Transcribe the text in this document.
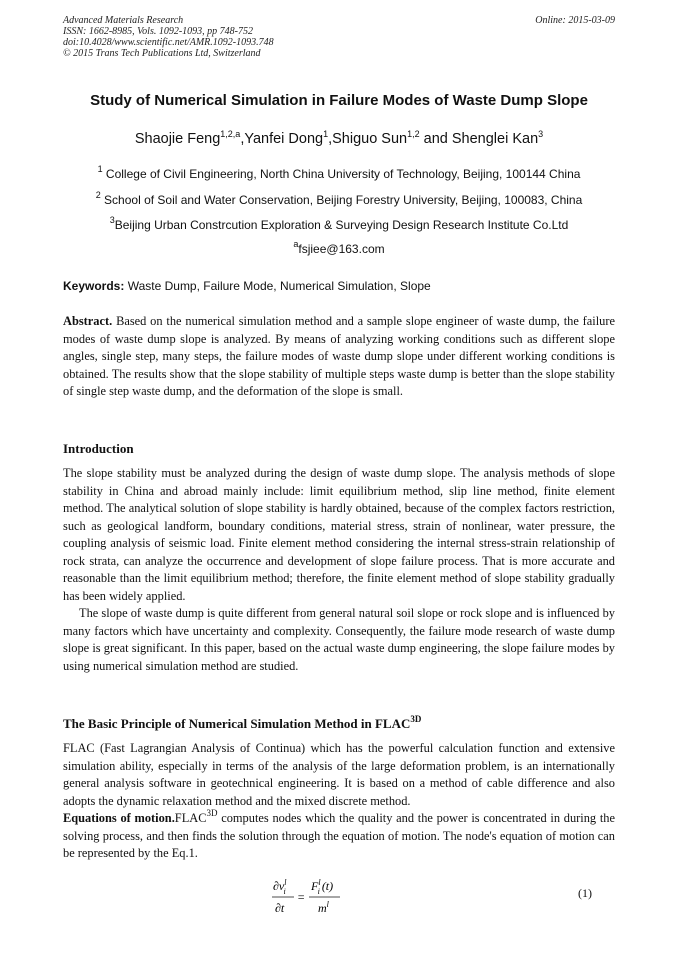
Advanced Materials Research
ISSN: 1662-8985, Vols. 1092-1093, pp 748-752
doi:10.4028/www.scientific.net/AMR.1092-1093.748
© 2015 Trans Tech Publications Ltd, Switzerland
Online: 2015-03-09
Study of Numerical Simulation in Failure Modes of Waste Dump Slope
Shaojie Feng$^{1,2,a}$,Yanfei Dong$^1$,Shiguo Sun$^{1,2}$ and Shenglei Kan$^3$
$^1$ College of Civil Engineering, North China University of Technology, Beijing, 100144 China
$^2$ School of Soil and Water Conservation, Beijing Forestry University, Beijing, 100083, China
$^3$Beijing Urban Constrcution Exploration & Surveying Design Research Institute Co.Ltd
$^a$fsjiee@163.com
Keywords: Waste Dump, Failure Mode, Numerical Simulation, Slope

Abstract. Based on the numerical simulation method and a sample slope engineer of waste dump, the failure modes of waste dump slope is analyzed. By means of analyzing working conditions such as different slope angles, single step, many steps, the failure modes of waste dump slope under different working conditions is obtained. The results show that the slope stability of multiple steps waste dump is better than the slope stability of single step waste dump, and the deformation of the slope is small.

Introduction

The slope stability must be analyzed during the design of waste dump slope. The analysis methods of slope stability in China and abroad mainly include: limit equilibrium method, slip line method, finite element method. The analytical solution of slope stability is hardly obtained, because of the complex factors restriction, such as geological landform, boundary conditions, material stress, strain of nonlinear, water pressure, the coupling analysis of seismic load. Finite element method considering the internal stress-strain relationship of rock strata, can analyze the occurrence and development of slope failure process. That is more accurate and reasonable than the limit equilibrium method; therefore, the finite element method of slope stability gradually has been widely applied.

The slope of waste dump is quite different from general natural soil slope or rock slope and is influenced by many factors which have uncertainty and complexity. Consequently, the failure mode research of waste dump slope is great significant. In this paper, based on the actual waste dump engineering, the slope failure modes by using numerical simulation method are studied.

The Basic Principle of Numerical Simulation Method in $FLAC^{3D}$

FLAC (Fast Lagrangian Analysis of Continua) which has the powerful calculation function and extensive simulation ability, especially in terms of the analysis of the large deformation problem, is an internationally general analysis software in geotechnical engineering. It is based on a method of cable difference and also adopts the dynamic relaxation method and the mixed discrete method.

Equations of $motion.FLAC^{3D}$ computes nodes which the quality and the power is concentrated in during the solving process, and then finds the solution through the equation of motion. The node's equation of motion can be represented by the Eq.1.

$\partial v^l$ i
∂t
=
$F^l$ i (t)
$m^l$
(1)
